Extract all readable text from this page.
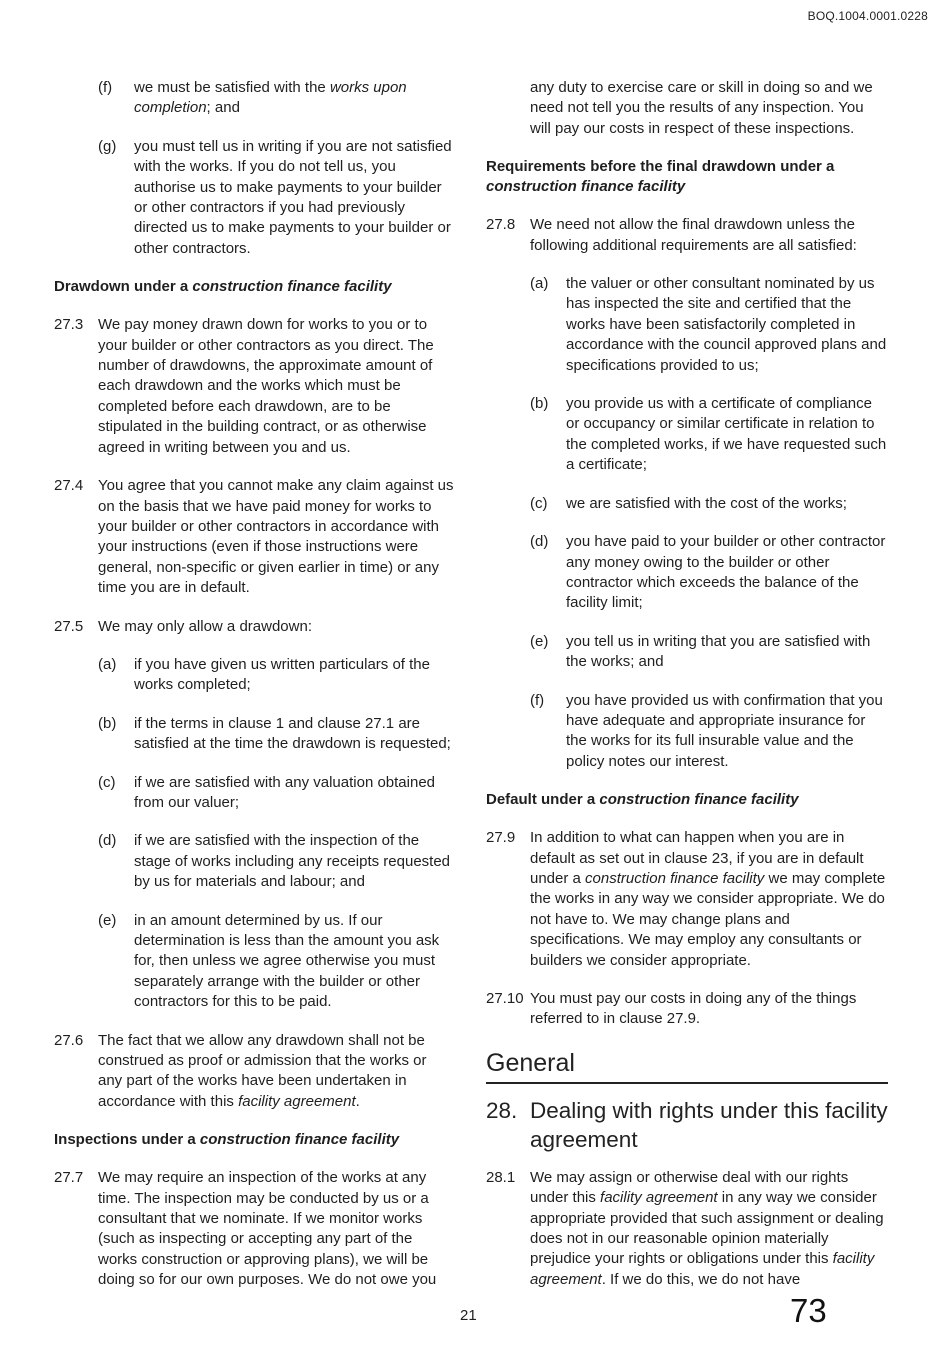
BOQ.1004.0001.0228
(f) we must be satisfied with the works upon completion; and
(g) you must tell us in writing if you are not satisfied with the works. If you do not tell us, you authorise us to make payments to your builder or other contractors if you had previously directed us to make payments to your builder or other contractors.
Drawdown under a construction finance facility
27.3 We pay money drawn down for works to you or to your builder or other contractors as you direct. The number of drawdowns, the approximate amount of each drawdown and the works which must be completed before each drawdown, are to be stipulated in the building contract, or as otherwise agreed in writing between you and us.
27.4 You agree that you cannot make any claim against us on the basis that we have paid money for works to your builder or other contractors in accordance with your instructions (even if those instructions were general, non-specific or given earlier in time) or any time you are in default.
27.5 We may only allow a drawdown:
(a) if you have given us written particulars of the works completed;
(b) if the terms in clause 1 and clause 27.1 are satisfied at the time the drawdown is requested;
(c) if we are satisfied with any valuation obtained from our valuer;
(d) if we are satisfied with the inspection of the stage of works including any receipts requested by us for materials and labour; and
(e) in an amount determined by us. If our determination is less than the amount you ask for, then unless we agree otherwise you must separately arrange with the builder or other contractors for this to be paid.
27.6 The fact that we allow any drawdown shall not be construed as proof or admission that the works or any part of the works have been undertaken in accordance with this facility agreement.
Inspections under a construction finance facility
27.7 We may require an inspection of the works at any time. The inspection may be conducted by us or a consultant that we nominate. If we monitor works (such as inspecting or accepting any part of the works construction or approving plans), we will be doing so for our own purposes. We do not owe you
any duty to exercise care or skill in doing so and we need not tell you the results of any inspection. You will pay our costs in respect of these inspections.
Requirements before the final drawdown under a construction finance facility
27.8 We need not allow the final drawdown unless the following additional requirements are all satisfied:
(a) the valuer or other consultant nominated by us has inspected the site and certified that the works have been satisfactorily completed in accordance with the council approved plans and specifications provided to us;
(b) you provide us with a certificate of compliance or occupancy or similar certificate in relation to the completed works, if we have requested such a certificate;
(c) we are satisfied with the cost of the works;
(d) you have paid to your builder or other contractor any money owing to the builder or other contractor which exceeds the balance of the facility limit;
(e) you tell us in writing that you are satisfied with the works; and
(f) you have provided us with confirmation that you have adequate and appropriate insurance for the works for its full insurable value and the policy notes our interest.
Default under a construction finance facility
27.9 In addition to what can happen when you are in default as set out in clause 23, if you are in default under a construction finance facility we may complete the works in any way we consider appropriate. We do not have to. We may change plans and specifications. We may employ any consultants or builders we consider appropriate.
27.10 You must pay our costs in doing any of the things referred to in clause 27.9.
General
28. Dealing with rights under this facility agreement
28.1 We may assign or otherwise deal with our rights under this facility agreement in any way we consider appropriate provided that such assignment or dealing does not in our reasonable opinion materially prejudice your rights or obligations under this facility agreement. If we do this, we do not have
21	73
